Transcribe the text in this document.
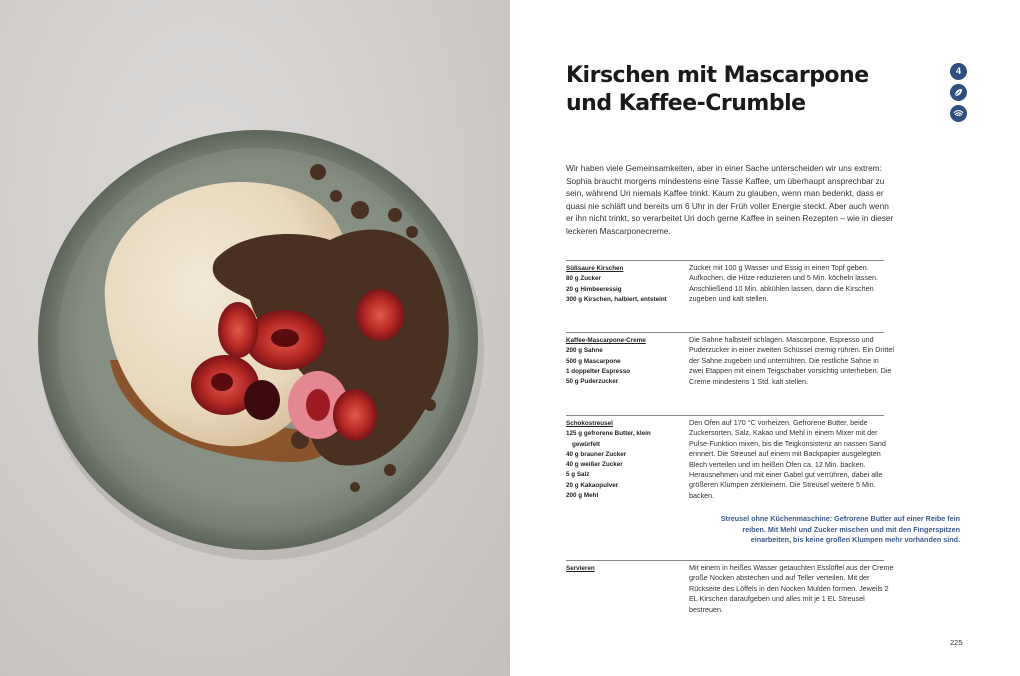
Kirschen mit Mascarpone
und Kaffee-Crumble
4

Wir haben viele Gemeinsamkeiten, aber in einer Sache unterscheiden wir uns extrem: Sophia braucht morgens mindestens eine Tasse Kaffee, um überhaupt ansprechbar zu sein, während Uri niemals Kaffee trinkt. Kaum zu glauben, wenn man bedenkt, dass er quasi nie schläft und bereits um 6 Uhr in der Früh voller Energie steckt. Aber auch wenn er ihn nicht trinkt, so verarbeitet Uri doch gerne Kaffee in seinen Rezepten – wie in dieser leckeren Mascarponecreme.

Süßsaure Kirschen
80 g Zucker
20 g Himbeeressig
300 g Kirschen, halbiert, entsteint
Zucker mit 100 g Wasser und Essig in einen Topf geben. Aufkochen, die Hitze reduzieren und 5 Min. köcheln lassen. Anschließend 10 Min. abkühlen lassen, dann die Kirschen zugeben und kalt stellen.
Kaffee-Mascarpone-Creme
200 g Sahne
500 g Mascarpone
1 doppelter Espresso
50 g Puderzucker
Die Sahne halbsteif schlagen. Mascarpone, Espresso und Puderzucker in einer zweiten Schüssel cremig rühren. Ein Drittel der Sahne zugeben und unterrühren. Die restliche Sahne in zwei Etappen mit einem Teigschaber vorsichtig unterheben. Die Creme mindestens 1 Std. kalt stellen.
Schokostreusel
125 g gefrorene Butter, klein
gewürfelt
40 g brauner Zucker
40 g weißer Zucker
5 g Salz
20 g Kakaopulver
200 g Mehl
Den Ofen auf 170 °C vorheizen. Gefrorene Butter, beide Zuckersorten, Salz, Kakao und Mehl in einem Mixer mit der Pulse-Funktion mixen, bis die Teigkonsistenz an nassen Sand erinnert. Die Streusel auf einem mit Backpapier ausgelegten Blech verteilen und im heißen Ofen ca. 12 Min. backen. Herausnehmen und mit einer Gabel gut verrühren, dabei alle größeren Klumpen zerkleinern. Die Streusel weitere 5 Min. backen.

Streusel ohne Küchenmaschine: Gefrorene Butter auf einer Reibe fein reiben. Mit Mehl und Zucker mischen und mit den Fingerspitzen einarbeiten, bis keine großen Klumpen mehr vorhanden sind.

Servieren	Mit einem in heißes Wasser getauchten Esslöffel aus der Creme große Nocken abstechen und auf Teller verteilen. Mit der Rückseite des Löffels in den Nocken Mulden formen. Jeweils 2 EL Kirschen daraufgeben und alles mit je 1 EL Streusel bestreuen.
225
